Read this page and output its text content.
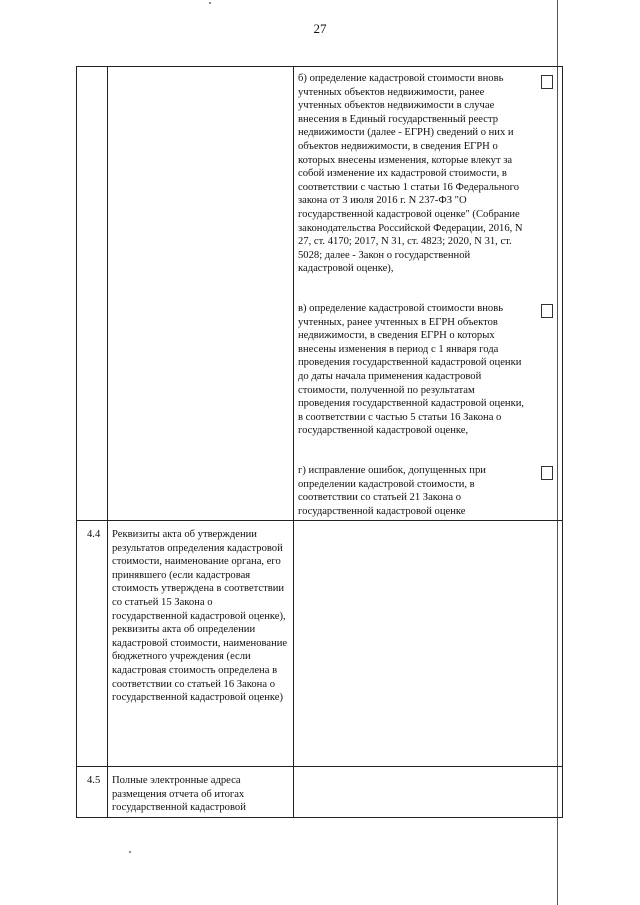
27

		б) определение кадастровой стоимости вновь учтенных объектов недвижимости, ранее учтенных объектов недвижимости в случае внесения в Единый государственный реестр недвижимости (далее - ЕГРН) сведений о них и объектов недвижимости, в сведения ЕГРН о которых внесены изменения, которые влекут за собой изменение их кадастровой стоимости, в соответствии с частью 1 статьи 16 Федерального закона от 3 июля 2016 г. N 237-ФЗ "О государственной кадастровой оценке" (Собрание законодательства Российской Федерации, 2016, N 27, ст. 4170; 2017, N 31, ст. 4823; 2020, N 31, ст. 5028; далее - Закон о государственной кадастровой оценке),
в) определение кадастровой стоимости вновь учтенных, ранее учтенных в ЕГРН объектов недвижимости, в сведения ЕГРН о которых внесены изменения в период с 1 января года проведения государственной кадастровой оценки до даты начала применения кадастровой стоимости, полученной по результатам проведения государственной кадастровой оценки, в соответствии с частью 5 статьи 16 Закона о государственной кадастровой оценке,
г) исправление ошибок, допущенных при определении кадастровой стоимости, в соответствии со статьей 21 Закона о государственной кадастровой оценке

4.4	Реквизиты акта об утверждении результатов определения кадастровой стоимости, наименование органа, его принявшего (если кадастровая стоимость утверждена в соответствии со статьей 15 Закона о государственной кадастровой оценке), реквизиты акта об определении кадастровой стоимости, наименование бюджетного учреждения (если кадастровая стоимость определена в соответствии со статьей 16 Закона о государственной кадастровой оценке)	

4.5	Полные электронные адреса размещения отчета об итогах государственной кадастровой	
